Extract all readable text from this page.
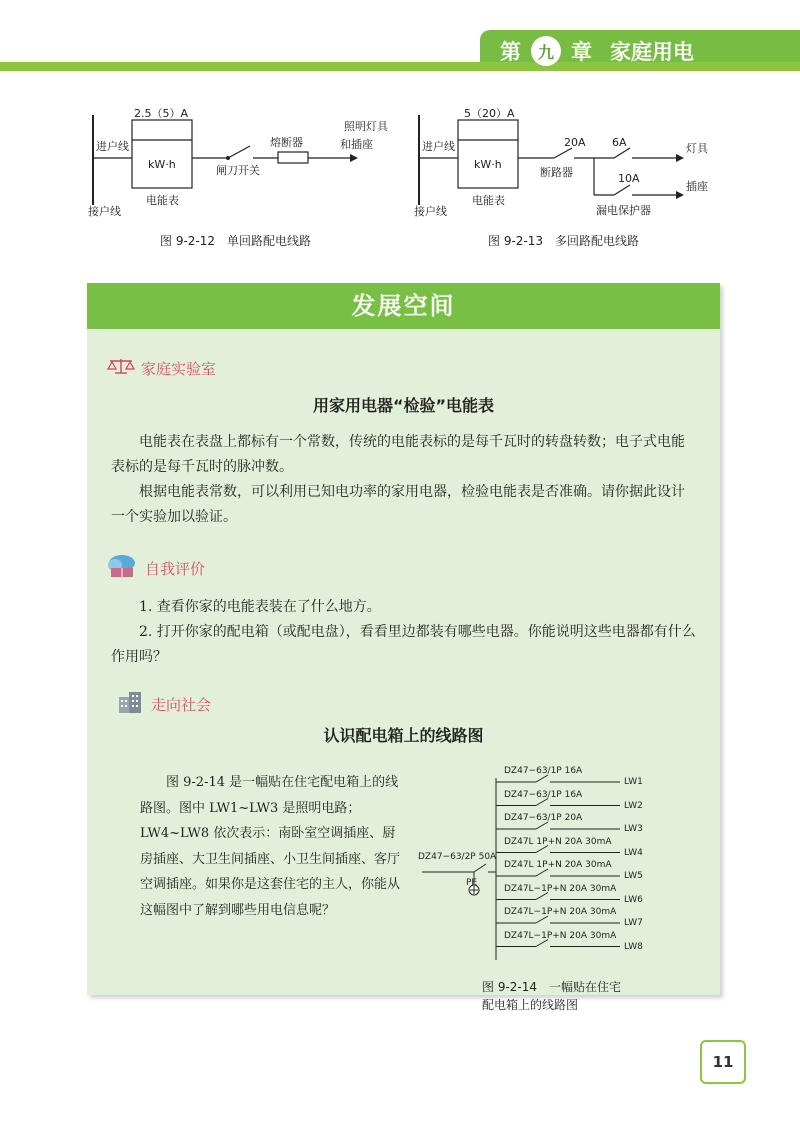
第	九 章 家庭用电
2.5（5）A
进户线
kW·h
电能表
接户线
闸刀开关
熔断器
照明灯具
和插座
图 9-2-12　单回路配电线路
5（20）A
进户线
kW·h
电能表
接户线
20A
断路器
6A
10A
灯具
插座
漏电保护器
图 9-2-13　多回路配电线路
发展空间
家庭实验室
用家用电器“检验”电能表
电能表在表盘上都标有一个常数，传统的电能表标的是每千瓦时的转盘转数；电子式电能表标的是每千瓦时的脉冲数。
根据电能表常数，可以利用已知电功率的家用电器，检验电能表是否准确。请你据此设计一个实验加以验证。
自我评价
1. 查看你家的电能表装在了什么地方。
2. 打开你家的配电箱（或配电盘），看看里边都装有哪些电器。你能说明这些电器都有什么作用吗？
走向社会
认识配电箱上的线路图
图 9-2-14 是一幅贴在住宅配电箱上的线路图。图中 LW1~LW3 是照明电路；LW4~LW8 依次表示：南卧室空调插座、厨房插座、大卫生间插座、小卫生间插座、客厅空调插座。如果你是这套住宅的主人，你能从这幅图中了解到哪些用电信息呢？
DZ47−63/2P 50A
PE
DZ47−63/1P 16A
LW1
DZ47−63/1P 16A
LW2
DZ47−63/1P 20A
LW3
DZ47L 1P+N 20A 30mA
LW4
DZ47L 1P+N 20A 30mA
LW5
DZ47L−1P+N 20A 30mA
LW6
DZ47L−1P+N 20A 30mA
LW7
DZ47L−1P+N 20A 30mA
LW8
图 9-2-14　一幅贴在住宅
配电箱上的线路图
11
